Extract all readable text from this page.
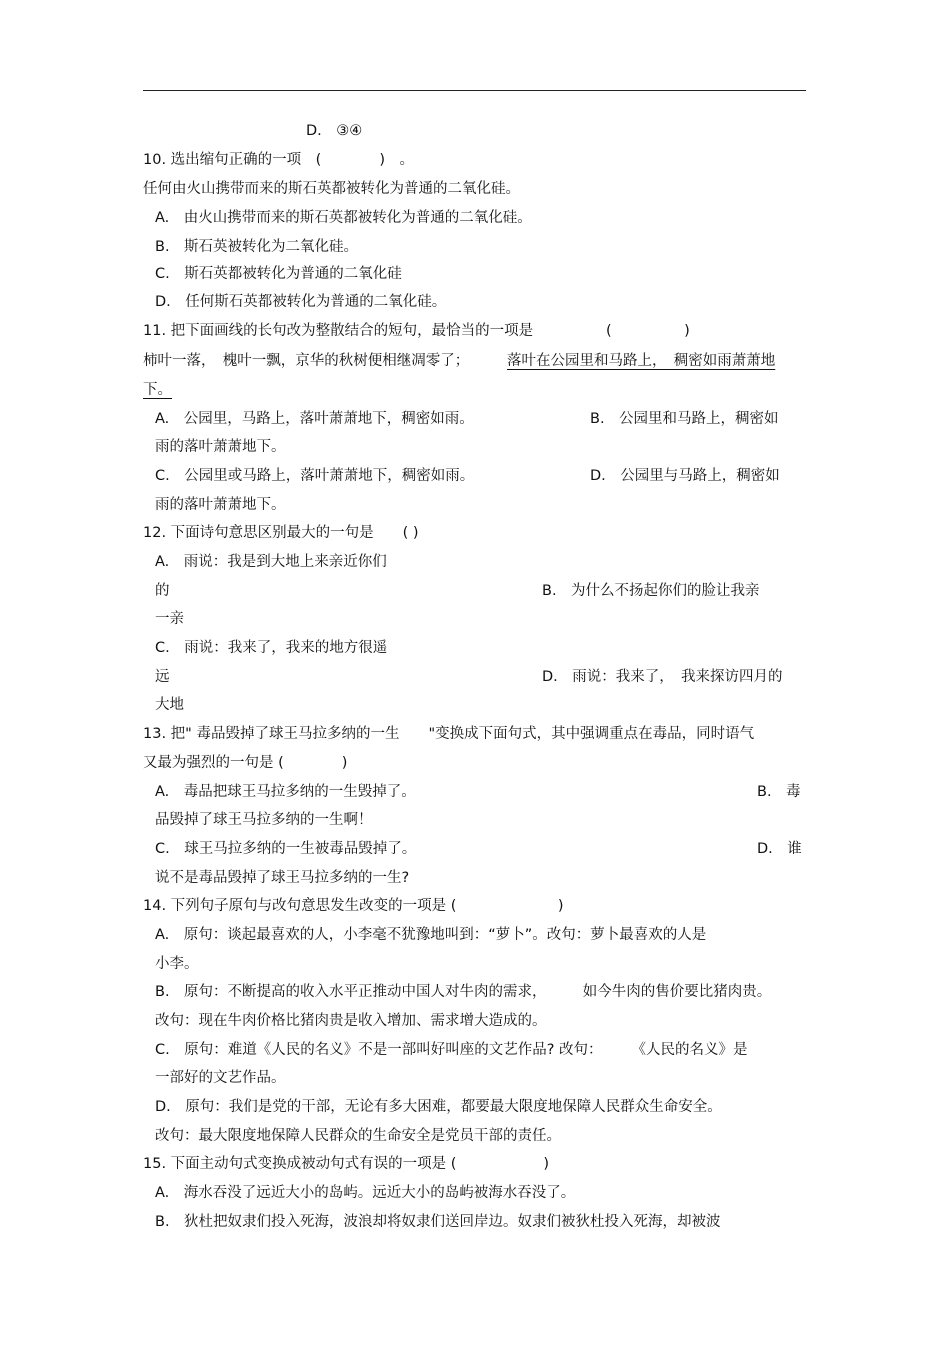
D.　③④
10. 选出缩句正确的一项　(　　　　)　。
任何由火山携带而来的斯石英都被转化为普通的二氧化硅。
A.　由火山携带而来的斯石英都被转化为普通的二氧化硅。
B.　斯石英被转化为二氧化硅。
C.　斯石英都被转化为普通的二氧化硅
D.　任何斯石英都被转化为普通的二氧化硅。
11. 把下面画线的长句改为整散结合的短句，最恰当的一项是	(　　　　　)
柿叶一落，　槐叶一飘，京华的秋树便相继凋零了；	落叶在公园里和马路上，　稠密如雨萧萧地
下。
A.　公园里，马路上，落叶萧萧地下，稠密如雨。	B.　公园里和马路上，稠密如
雨的落叶萧萧地下。
C.　公园里或马路上，落叶萧萧地下，稠密如雨。	D.　公园里与马路上，稠密如
雨的落叶萧萧地下。
12. 下面诗句意思区别最大的一句是　　( )
A.　雨说：我是到大地上来亲近你们
的	B.　为什么不扬起你们的脸让我亲
一亲
C.　雨说：我来了，我来的地方很遥
远	D.　雨说：我来了，　我来探访四月的
大地
13. 把" 毒品毁掉了球王马拉多纳的一生　　"变换成下面句式，其中强调重点在毒品，同时语气
又最为强烈的一句是 (　　　　)
A.　毒品把球王马拉多纳的一生毁掉了。	B.　毒
品毁掉了球王马拉多纳的一生啊！
C.　球王马拉多纳的一生被毒品毁掉了。	D.　谁
说不是毒品毁掉了球王马拉多纳的一生?
14. 下列句子原句与改句意思发生改变的一项是 (　　　　　　　)
A.　原句：谈起最喜欢的人，小李毫不犹豫地叫到：“萝卜”。改句：萝卜最喜欢的人是
小李。
B.　原句：不断提高的收入水平正推动中国人对牛肉的需求，　　　如今牛肉的售价要比猪肉贵。
改句：现在牛肉价格比猪肉贵是收入增加、需求增大造成的。
C.　原句：难道《人民的名义》不是一部叫好叫座的文艺作品? 改句：　　　《人民的名义》是
一部好的文艺作品。
D.　原句：我们是党的干部，无论有多大困难，都要最大限度地保障人民群众生命安全。
改句：最大限度地保障人民群众的生命安全是党员干部的责任。
15. 下面主动句式变换成被动句式有误的一项是 (　　　　　　)
A.　海水吞没了远近大小的岛屿。远近大小的岛屿被海水吞没了。
B.　狄杜把奴隶们投入死海，波浪却将奴隶们送回岸边。奴隶们被狄杜投入死海，却被波
